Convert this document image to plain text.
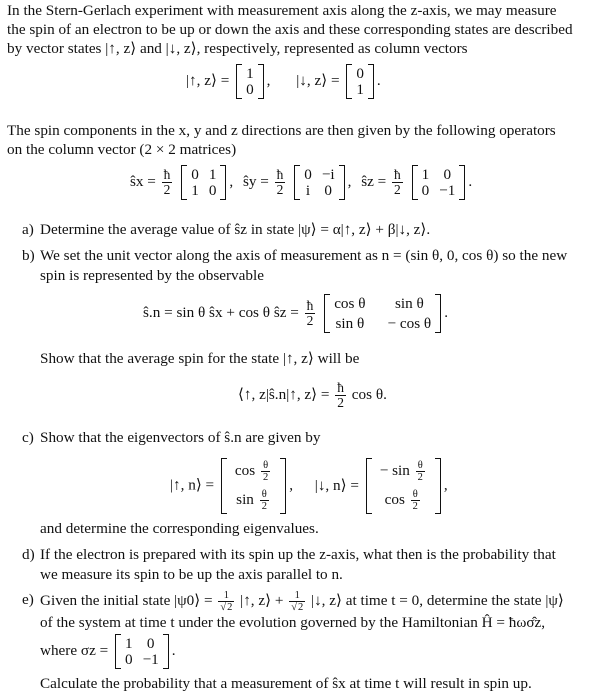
In the Stern-Gerlach experiment with measurement axis along the z-axis, we may measure
the spin of an electron to be up or down the axis and these corresponding states are described
by vector states |↑, z⟩ and |↓, z⟩, respectively, represented as column vectors
|↑, z⟩ = 1
0
, |↓, z⟩ = 0
1
.
The spin components in the x, y and z directions are then given by the following operators
on the column vector (2 × 2 matrices)
ŝx = $\frac{ħ}{2}$
0 1
1 0
, ŝy = $\frac{ħ}{2}$
0 −i
i 0
, ŝz = $\frac{ħ}{2}$
1 0
0 −1
.
a) Determine the average value of ŝz in state |ψ⟩ = α|↑, z⟩ + β|↓, z⟩.
b) We set the unit vector along the axis of measurement as n = (sin θ, 0, cos θ) so the new
spin is represented by the observable
ŝ.n = sin θ ŝx + cos θ ŝz = $\frac{ħ}{2}$
cos θ	sin θ
sin θ − cos θ
.
Show that the average spin for the state |↑, z⟩ will be
⟨↑, z|ŝ.n|↑, z⟩ = $\frac{ħ}{2}$ cos θ.
c) Show that the eigenvectors of ŝ.n are given by
|↑, n⟩ =
$\cos \frac{\theta}{2}$
$\sin \frac{\theta}{2}$
, |↓, n⟩ =
− $\sin \frac{\theta}{2}$
$\cos \frac{\theta}{2}$
,
and determine the corresponding eigenvalues.
d) If the electron is prepared with its spin up the z-axis, what then is the probability that
we measure its spin to be up the axis parallel to n.
e) Given the initial state |ψ0⟩ = $\frac{1}{√2}$ |↑, z⟩ + $\frac{1}{√2}$ |↓, z⟩ at time t = 0, determine the state |ψ⟩
of the system at time t under the evolution governed by the Hamiltonian Ĥ = ħωσ̂z,
where σz = 1 0
0 −1
.
Calculate the probability that a measurement of ŝx at time t will result in spin up.
